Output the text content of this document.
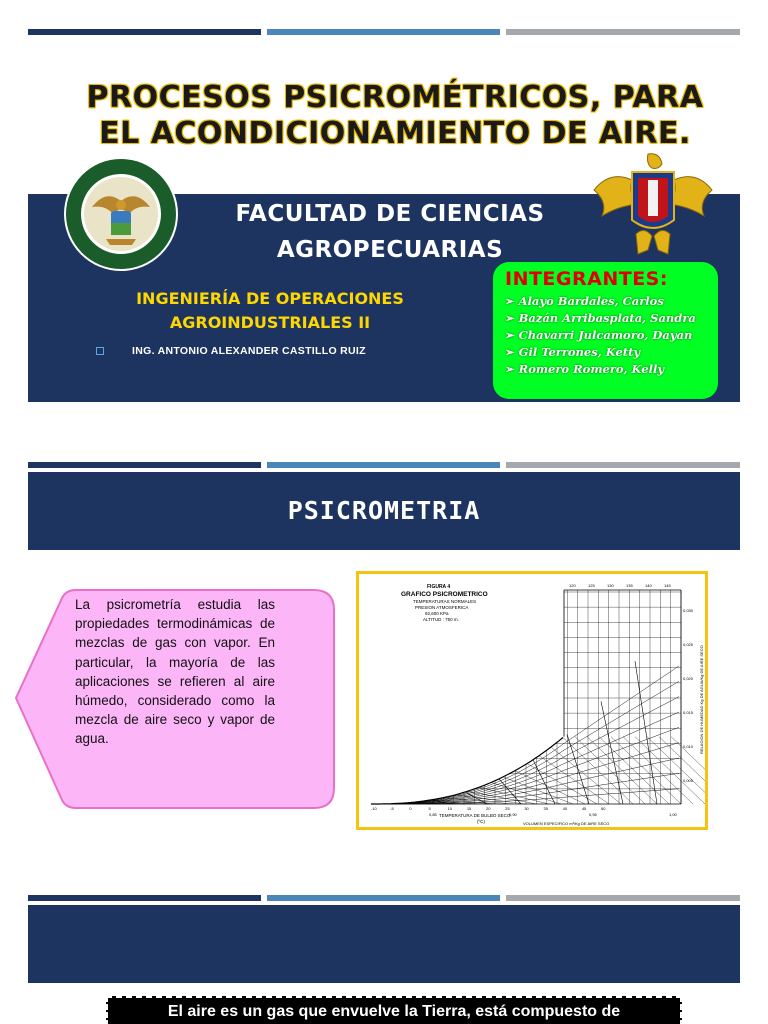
PROCESOS PSICROMÉTRICOS, PARA
EL ACONDICIONAMIENTO DE AIRE.
FACULTAD DE CIENCIAS
AGROPECUARIAS
INGENIERÍA DE OPERACIONES
AGROINDUSTRIALES II
ING. ANTONIO ALEXANDER CASTILLO RUIZ
INTEGRANTES:
➢ Alayo Bardales, Carlos
➢ Bazán Arribasplata, Sandra
➢ Chavarri Julcamoro, Dayan
➢ Gil Terrones, Ketty
➢ Romero Romero, Kelly
PSICROMETRIA
La psicrometría estudia las propiedades termodinámicas de mezclas de gas con vapor. En particular, la mayoría de las aplicaciones se refieren al aire húmedo, considerado como la mezcla de aire seco y vapor de agua.
FIGURA 4
GRAFICO PSICROMETRICO
TEMPERATURAS NORMALES
PRESION ATMOSFERICA
92,600 KPa
ALTITUD : 750 m.
TEMPERATURA DE BULBO SECO
(ºC)	VOLUMEN ESPECIFICO m³/Kg DE AIRE SECO
RELACION DE HUMEDAD Kg DE AGUA/Kg DE AIRE SECO
-10	-5	0	5	10	15	20	25	30	35	40	45	50
120	125	130	135	140	145
0,030
0,025
0,020
0,015
0,010
0,005
0,85	0,90	0,95	1,00
El aire es un gas que envuelve la Tierra, está compuesto de
